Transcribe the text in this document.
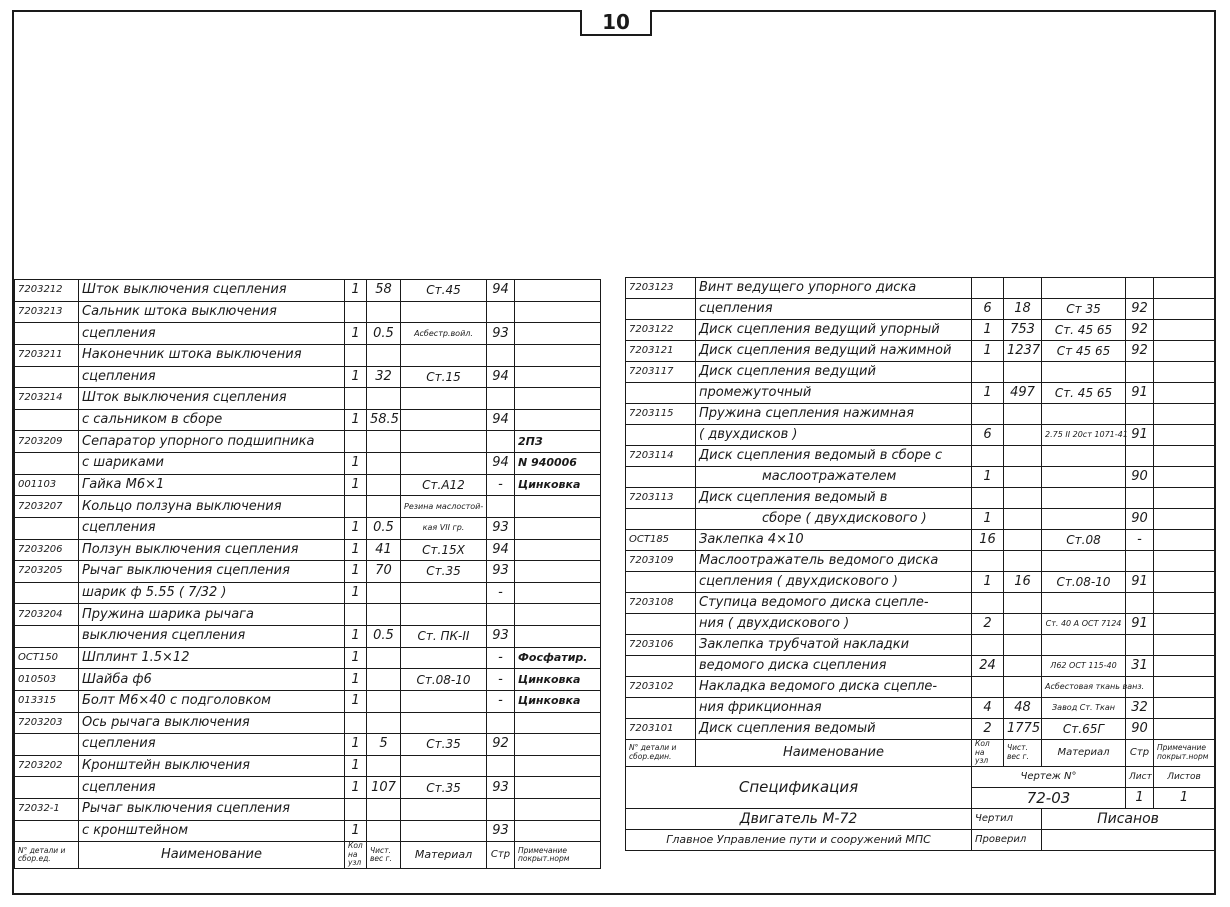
10
7203212	Шток выключения сцепления	1	58	Ст.45	94	
7203213	Сальник штока выключения					
	сцепления	1	0.5	Асбестр.войл.	93	
7203211	Наконечник штока выключения					
	сцепления	1	32	Ст.15	94	
7203214	Шток выключения сцепления					
	с сальником в сборе	1	58.5		94	
7203209	Сепаратор упорного подшипника					2ПЗ
	с шариками	1			94	N 940006
001103	Гайка М6×1	1		Ст.А12	-	Цинковка
7203207	Кольцо ползуна выключения			Резина маслостой-		
	сцепления	1	0.5	кая VII гр.	93	
7203206	Ползун выключения сцепления	1	41	Ст.15Х	94	
7203205	Рычаг выключения сцепления	1	70	Ст.35	93	
	шарик ф 5.55 ( 7/32 )	1			-	
7203204	Пружина шарика рычага					
	выключения сцепления	1	0.5	Ст. ПК-II	93	
ОСТ150	Шплинт 1.5×12	1			-	Фосфатир.
010503	Шайба ф6	1		Ст.08-10	-	Цинковка
013315	Болт М6×40 с подголовком	1			-	Цинковка
7203203	Ось рычага выключения					
	сцепления	1	5	Ст.35	92	
7203202	Кронштейн выключения	1				
	сцепления	1	107	Ст.35	93	
72032-1	Рычаг выключения сцепления					
	с кронштейном	1			93	
N° детали и сбор.ед.	Наименование	Кол на узл	Чист. вес г.	Материал	Стр	Примечание покрыт.норм
7203123	Винт ведущего упорного диска					
	сцепления	6	18	Ст 35	92	
7203122	Диск сцепления ведущий упорный	1	753	Ст. 45 65	92	
7203121	Диск сцепления ведущий нажимной	1	1237	Ст 45 65	92	
7203117	Диск сцепления ведущий					
	промежуточный	1	497	Ст. 45 65	91	
7203115	Пружина сцепления нажимная					
	( двухдисков )	6		2.75 II 20ст 1071-41	91	
7203114	Диск сцепления ведомый в сборе с					
	маслоотражателем	1			90	
7203113	Диск сцепления ведомый в					
	сборе ( двухдискового )	1			90	
ОСТ185	Заклепка 4×10	16		Ст.08	-	
7203109	Маслоотражатель ведомого диска					
	сцепления ( двухдискового )	1	16	Ст.08-10	91	
7203108	Ступица ведомого диска сцепле-					
	ния ( двухдискового )	2		Ст. 40 А ОСТ 7124	91	
7203106	Заклепка трубчатой накладки					
	ведомого диска сцепления	24		Л62 ОСТ 115-40	31	
7203102	Накладка ведомого диска сцепле-			Асбестовая ткань ванз.		
	ния фрикционная	4	48	Завод Ст. Ткан	32	
7203101	Диск сцепления ведомый	2	1775	Ст.65Г	90	
N° детали и сбор.един.	Наименование	Кол на узл	Чист. вес г.	Материал	Стр	Примечание покрыт.норм
Спецификация		Чертеж N°			Лист	Листов
		72-03			1	1
Двигатель М-72		Чертил		Писанов		
Главное Управление пути и сооружений МПС		Проверил				
